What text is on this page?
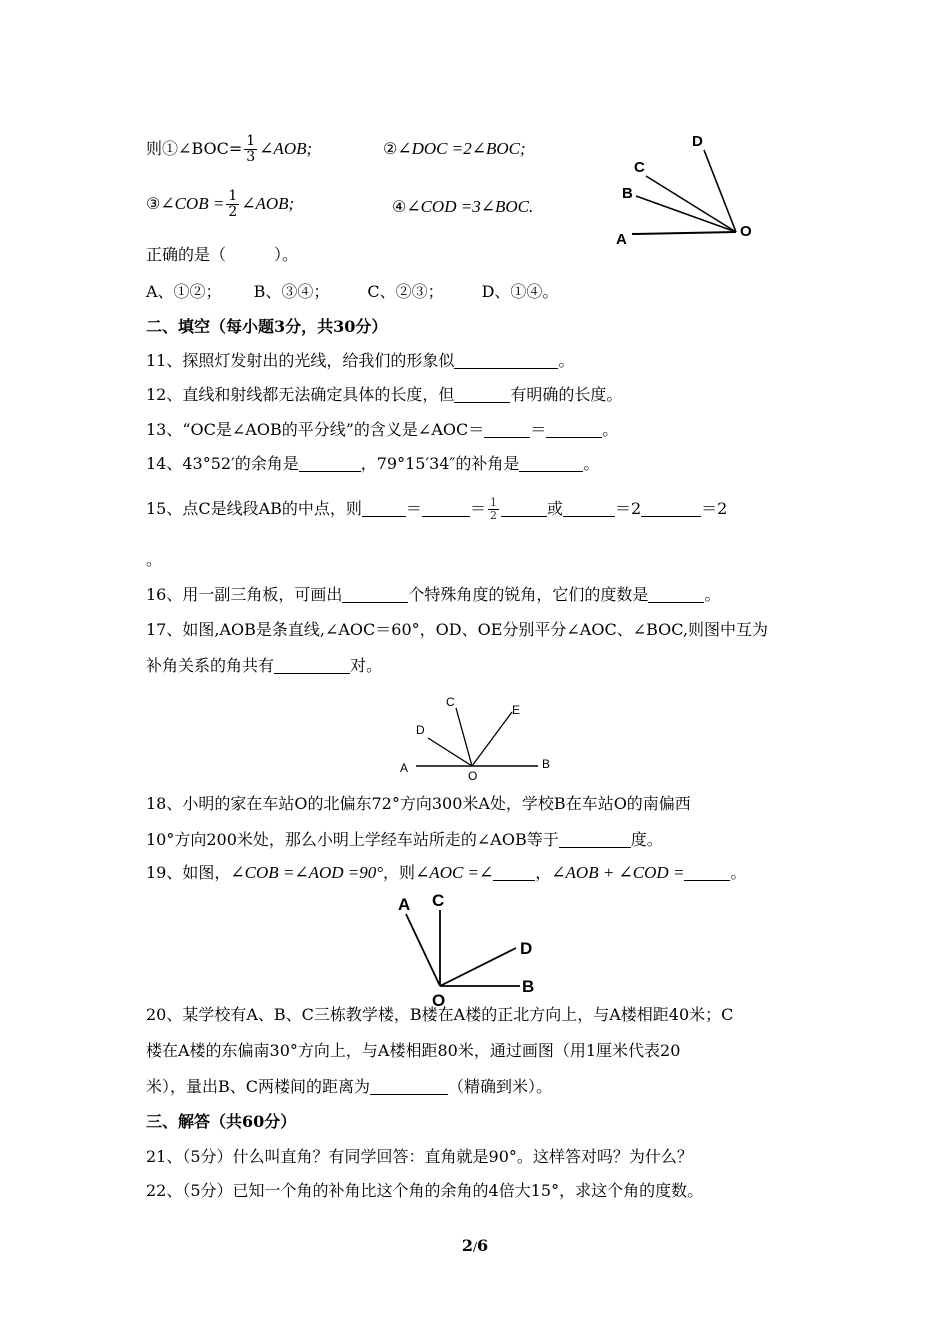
则①∠BOC= $\frac{1}{3}$ ∠AOB;	②∠DOC =2∠BOC;
③∠COB = $\frac{1}{2}$ ∠AOB;	④∠COD =3∠BOC.
A
B
C
D
O
正确的是（　　　）。
A、①②； B、③④； C、②③； D、①④。
二、填空（每小题3分，共30分）
11、探照灯发射出的光线，给我们的形象似	。
12、直线和射线都无法确定具体的长度，但	有明确的长度。
13、“OC是∠AOB的平分线”的含义是∠AOC＝	＝	。
14、43°52′的余角是	，79°15′34″的补角是	。
15、点C是线段AB的中点，则	＝	＝ $\frac{1}{2}$	或	＝2	＝2
。
16、用一副三角板，可画出	个特殊角度的锐角，它们的度数是	。
17、如图,AOB是条直线,∠AOC＝60°，OD、OE分别平分∠AOC、∠BOC,则图中互为
补角关系的角共有	对。
A	B
C
D
E
O
18、小明的家在车站O的北偏东72°方向300米A处，学校B在车站O的南偏西
10°方向200米处，那么小明上学经车站所走的∠AOB等于	度。
19、如图，∠COB =∠AOD =90°，则∠AOC =∠	，∠AOB + ∠COD =	。
A C
D
B
O
20、某学校有A、B、C三栋教学楼，B楼在A楼的正北方向上，与A楼相距40米；C
楼在A楼的东偏南30°方向上，与A楼相距80米，通过画图（用1厘米代表20
米），量出B、C两楼间的距离为	（精确到米）。
三、解答（共60分）
21、（5分）什么叫直角？有同学回答：直角就是90°。这样答对吗？为什么？
22、（5分）已知一个角的补角比这个角的余角的4倍大15°，求这个角的度数。
2/6
